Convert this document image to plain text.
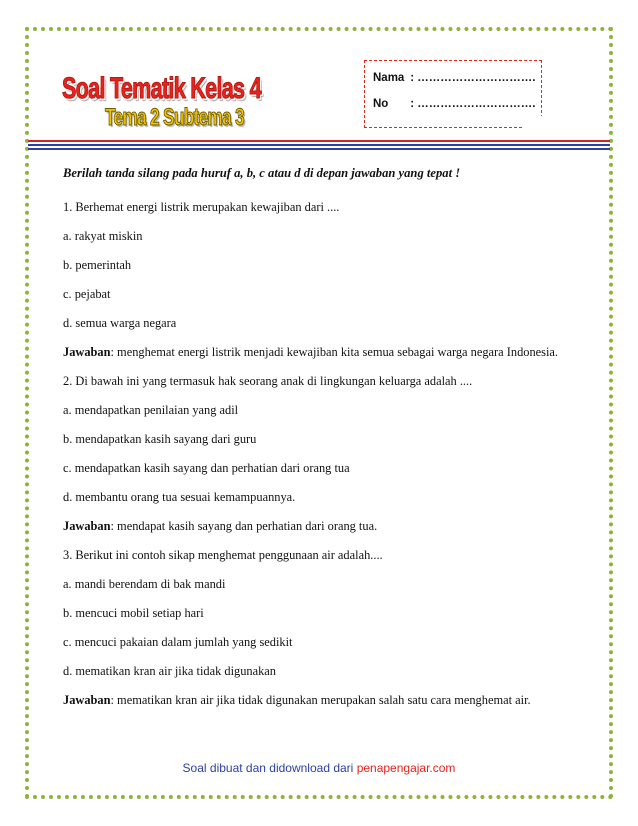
Soal Tematik Kelas 4
Tema 2 Subtema 3
Nama : ………………………….
No : ………………………….
Berilah tanda silang pada huruf a, b, c atau d di depan jawaban yang tepat !
1. Berhemat energi listrik merupakan kewajiban dari ....
a. rakyat miskin
b. pemerintah
c. pejabat
d. semua warga negara
Jawaban: menghemat energi listrik menjadi kewajiban kita semua sebagai warga negara Indonesia.
2. Di bawah ini yang termasuk hak seorang anak di lingkungan keluarga adalah ....
a. mendapatkan penilaian yang adil
b. mendapatkan kasih sayang dari guru
c. mendapatkan kasih sayang dan perhatian dari orang tua
d. membantu orang tua sesuai kemampuannya.
Jawaban: mendapat kasih sayang dan perhatian dari orang tua.
3. Berikut ini contoh sikap menghemat penggunaan air adalah....
a. mandi berendam di bak mandi
b. mencuci mobil setiap hari
c. mencuci pakaian dalam jumlah yang sedikit
d. mematikan kran air jika tidak digunakan
Jawaban: mematikan kran air jika tidak digunakan merupakan salah satu cara menghemat air.
Soal dibuat dan didownload dari penapengajar.com
